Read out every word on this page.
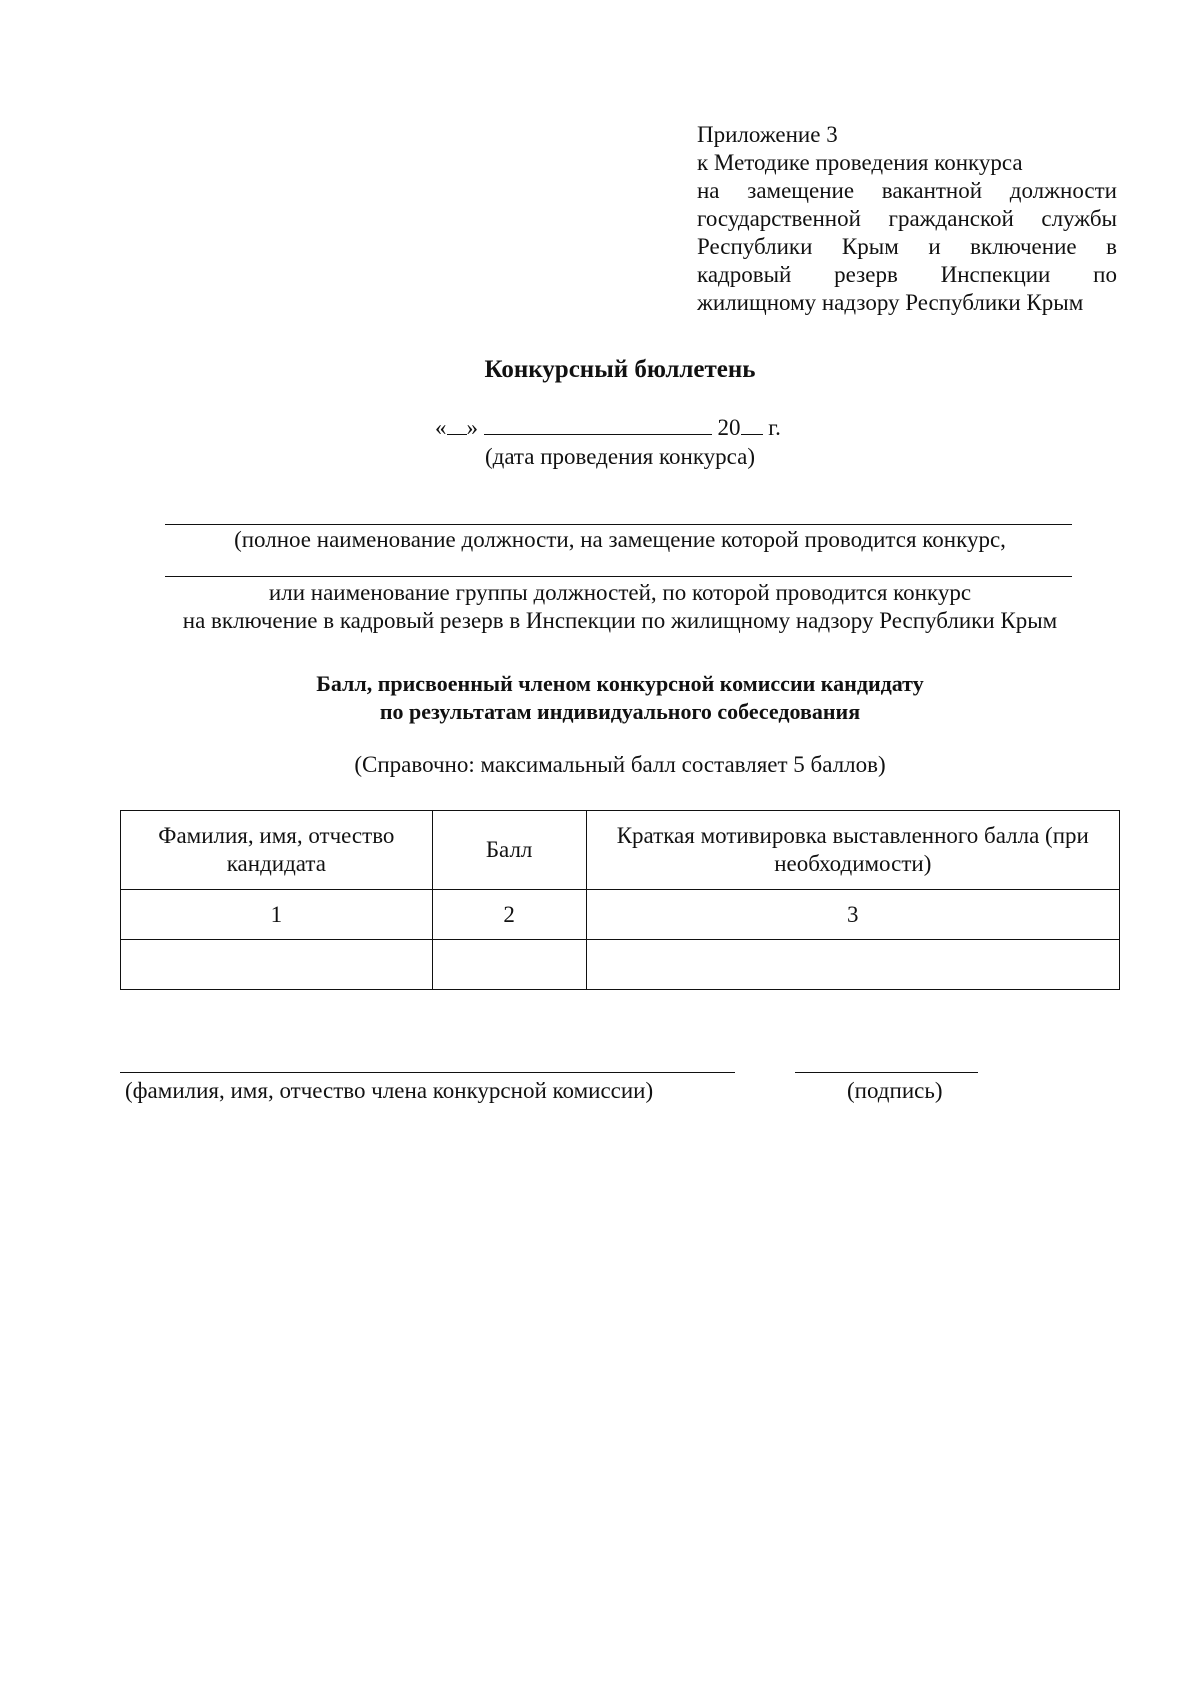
Приложение 3
к Методике проведения конкурса
на замещение вакантной должности
государственной гражданской службы
Республики Крым и включение в
кадровый резерв Инспекции по
жилищному надзору Республики Крым
Конкурсный бюллетень
« »	20 г.
(дата проведения конкурса)
(полное наименование должности, на замещение которой проводится конкурс,
или наименование группы должностей, по которой проводится конкурс
на включение в кадровый резерв в Инспекции по жилищному надзору Республики Крым
Балл, присвоенный членом конкурсной комиссии кандидату
по результатам индивидуального собеседования
(Справочно: максимальный балл составляет 5 баллов)
Фамилия, имя, отчество кандидата	Балл	Краткая мотивировка выставленного балла (при необходимости)
1	2	3

(фамилия, имя, отчество члена конкурсной комиссии)	(подпись)
